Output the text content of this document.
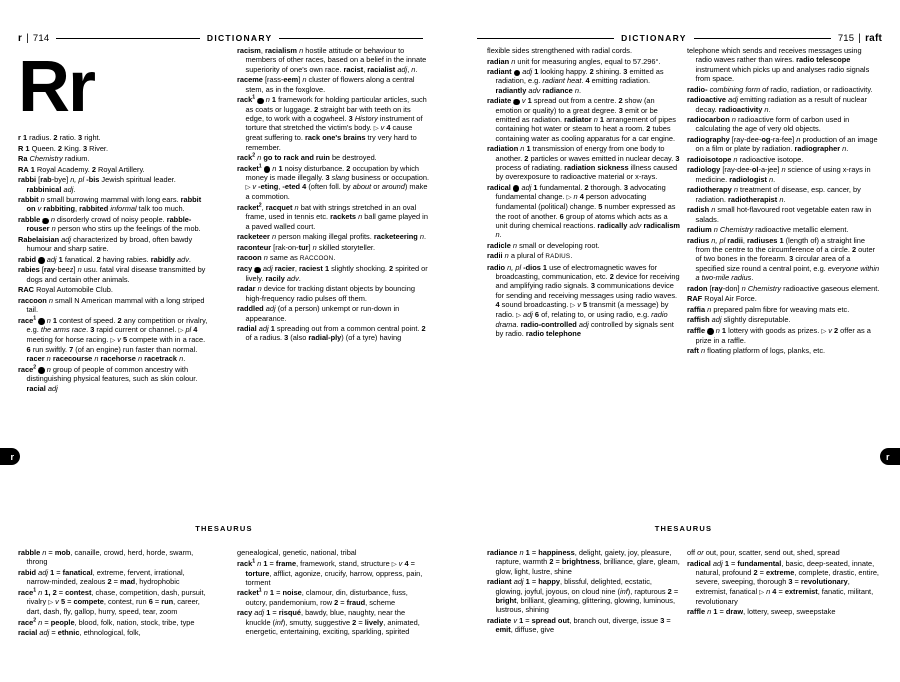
r | 714	DICTIONARY	DICTIONARY	715 | raft
Rr
r 1 radius. 2 ratio. 3 right.
R 1 Queen. 2 King. 3 River.
Ra Chemistry radium.
RA 1 Royal Academy. 2 Royal Artillery.
rabbi [rab-bye] n, pl -bis Jewish spiritual leader. rabbinical adj.
rabbit n small burrowing mammal with long ears. rabbit on v rabbiting, rabbited informal talk too much.
rabble 0 n disorderly crowd of noisy people. rabble-rouser n person who stirs up the feelings of the mob.
Rabelaisian adj characterized by broad, often bawdy humour and sharp satire.
rabid 0 adj 1 fanatical. 2 having rabies. rabidly adv.
rabies [ray-beez] n usu. fatal viral disease transmitted by dogs and certain other animals.
RAC Royal Automobile Club.
raccoon n small N American mammal with a long striped tail.
race$^1$ 0 n 1 contest of speed. 2 any competition or rivalry, e.g. the arms race. 3 rapid current or channel. ▷ pl 4 meeting for horse racing. ▷ v 5 compete with in a race. 6 run swiftly. 7 (of an engine) run faster than normal. racer n racecourse n racehorse n racetrack n.
race$^2$ 0 n group of people of common ancestry with distinguishing physical features, such as skin colour. racial adj
racism, racialism n hostile attitude or behaviour to members of other races, based on a belief in the innate superiority of one's own race. racist, racialist adj, n.
raceme [rass-eem] n cluster of flowers along a central stem, as in the foxglove.
rack$^1$ 0 n 1 framework for holding particular articles, such as coats or luggage. 2 straight bar with teeth on its edge, to work with a cogwheel. 3 History instrument of torture that stretched the victim's body. ▷ v 4 cause great suffering to. rack one's brains try very hard to remember.
rack$^2$ n go to rack and ruin be destroyed.
racket$^1$ 0 n 1 noisy disturbance. 2 occupation by which money is made illegally. 3 slang business or occupation. ▷ v -eting, -eted 4 (often foll. by about or around) make a commotion.
racket$^2$, racquet n bat with strings stretched in an oval frame, used in tennis etc. rackets n ball game played in a paved walled court.
racketeer n person making illegal profits. racketeering n.
raconteur [rak-on-tur] n skilled storyteller.
racoon n same as RACCOON.
racy 0 adj racier, raciest 1 slightly shocking. 2 spirited or lively. racily adv.
radar n device for tracking distant objects by bouncing high-frequency radio pulses off them.
raddled adj (of a person) unkempt or run-down in appearance.
radial adj 1 spreading out from a common central point. 2 of a radius. 3 (also radial-ply) (of a tyre) having
flexible sides strengthened with radial cords.
radian n unit for measuring angles, equal to 57.296°.
radiant 0 adj 1 looking happy. 2 shining. 3 emitted as radiation, e.g. radiant heat. 4 emitting radiation. radiantly adv radiance n.
radiate 0 v 1 spread out from a centre. 2 show (an emotion or quality) to a great degree. 3 emit or be emitted as radiation. radiator n 1 arrangement of pipes containing hot water or steam to heat a room. 2 tubes containing water as cooling apparatus for a car engine.
radiation n 1 transmission of energy from one body to another. 2 particles or waves emitted in nuclear decay. 3 process of radiating. radiation sickness illness caused by overexposure to radioactive material or x-rays.
radical 0 adj 1 fundamental. 2 thorough. 3 advocating fundamental change. ▷ n 4 person advocating fundamental (political) change. 5 number expressed as the root of another. 6 group of atoms which acts as a unit during chemical reactions. radically adv radicalism n.
radicle n small or developing root.
radii n a plural of RADIUS.
radio n, pl -dios 1 use of electromagnetic waves for broadcasting, communication, etc. 2 device for receiving and amplifying radio signals. 3 communications device for sending and receiving messages using radio waves. 4 sound broadcasting. ▷ v 5 transmit (a message) by radio. ▷ adj 6 of, relating to, or using radio, e.g. radio drama. radio-controlled adj controlled by signals sent by radio. radio telephone
telephone which sends and receives messages using radio waves rather than wires. radio telescope instrument which picks up and analyses radio signals from space.
radio- combining form of radio, radiation, or radioactivity.
radioactive adj emitting radiation as a result of nuclear decay. radioactivity n.
radiocarbon n radioactive form of carbon used in calculating the age of very old objects.
radiography [ray-dee-og-ra-fee] n production of an image on a film or plate by radiation. radiographer n.
radioisotope n radioactive isotope.
radiology [ray-dee-ol-a-jee] n science of using x-rays in medicine. radiologist n.
radiotherapy n treatment of disease, esp. cancer, by radiation. radiotherapist n.
radish n small hot-flavoured root vegetable eaten raw in salads.
radium n Chemistry radioactive metallic element.
radius n, pl radii, radiuses 1 (length of) a straight line from the centre to the circumference of a circle. 2 outer of two bones in the forearm. 3 circular area of a specified size round a central point, e.g. everyone within a two-mile radius.
radon [ray-don] n Chemistry radioactive gaseous element.
RAF Royal Air Force.
raffia n prepared palm fibre for weaving mats etc.
raffish adj slightly disreputable.
raffle 0 n 1 lottery with goods as prizes. ▷ v 2 offer as a prize in a raffle.
raft n floating platform of logs, planks, etc.
THESAURUS	THESAURUS
rabble n = mob, canaille, crowd, herd, horde, swarm, throng
rabid adj 1 = fanatical, extreme, fervent, irrational, narrow-minded, zealous 2 = mad, hydrophobic
race$^1$ n 1, 2 = contest, chase, competition, dash, pursuit, rivalry ▷ v 5 = compete, contest, run 6 = run, career, dart, dash, fly, gallop, hurry, speed, tear, zoom
race$^2$ n = people, blood, folk, nation, stock, tribe, type
racial adj = ethnic, ethnological, folk,
genealogical, genetic, national, tribal
rack$^1$ n 1 = frame, framework, stand, structure ▷ v 4 = torture, afflict, agonize, crucify, harrow, oppress, pain, torment
racket$^1$ n 1 = noise, clamour, din, disturbance, fuss, outcry, pandemonium, row 2 = fraud, scheme
racy adj 1 = risqué, bawdy, blue, naughty, near the knuckle (inf), smutty, suggestive 2 = lively, animated, energetic, entertaining, exciting, sparkling, spirited
radiance n 1 = happiness, delight, gaiety, joy, pleasure, rapture, warmth 2 = brightness, brilliance, glare, gleam, glow, light, lustre, shine
radiant adj 1 = happy, blissful, delighted, ecstatic, glowing, joyful, joyous, on cloud nine (inf), rapturous 2 = bright, brilliant, gleaming, glittering, glowing, luminous, lustrous, shining
radiate v 1 = spread out, branch out, diverge, issue 3 = emit, diffuse, give
off or out, pour, scatter, send out, shed, spread
radical adj 1 = fundamental, basic, deep-seated, innate, natural, profound 2 = extreme, complete, drastic, entire, severe, sweeping, thorough 3 = revolutionary, extremist, fanatical ▷ n 4 = extremist, fanatic, militant, revolutionary
raffle n 1 = draw, lottery, sweep, sweepstake
r	r
